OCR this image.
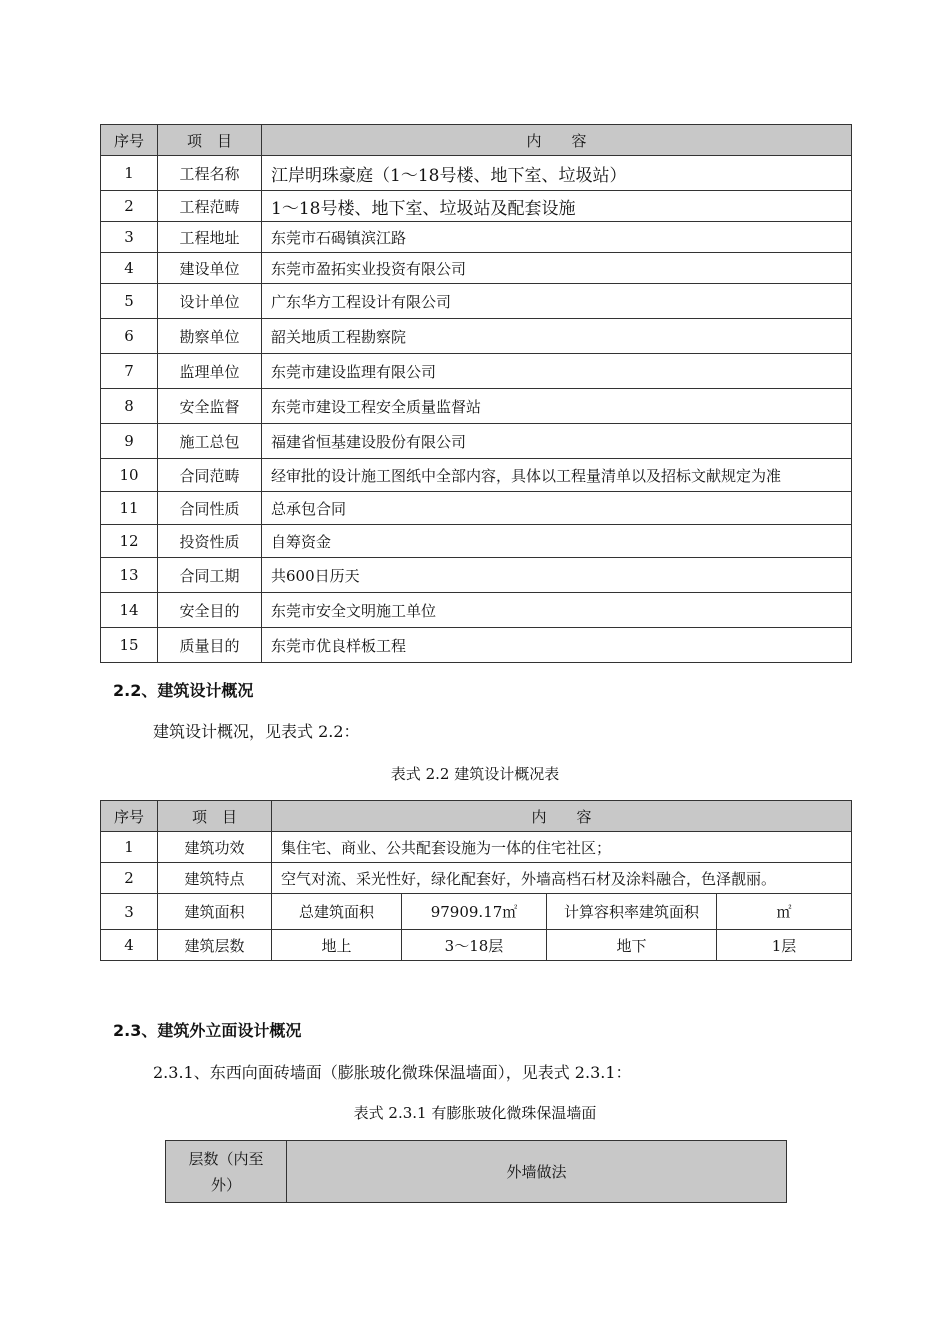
序号	项　目	内　　容
1	工程名称	江岸明珠豪庭（1～18号楼、地下室、垃圾站）
2	工程范畴	1～18号楼、地下室、垃圾站及配套设施
3	工程地址	东莞市石碣镇滨江路
4	建设单位	东莞市盈拓实业投资有限公司
5	设计单位	广东华方工程设计有限公司
6	勘察单位	韶关地质工程勘察院
7	监理单位	东莞市建设监理有限公司
8	安全监督	东莞市建设工程安全质量监督站
9	施工总包	福建省恒基建设股份有限公司
10	合同范畴	经审批的设计施工图纸中全部内容，具体以工程量清单以及招标文献规定为准
11	合同性质	总承包合同
12	投资性质	自筹资金
13	合同工期	共600日历天
14	安全目的	东莞市安全文明施工单位
15	质量目的	东莞市优良样板工程
2.2、建筑设计概况
建筑设计概况，见表式 2.2：
表式 2.2 建筑设计概况表
序号	项　目	内　　容			
1	建筑功效	集住宅、商业、公共配套设施为一体的住宅社区；			
2	建筑特点	空气对流、采光性好，绿化配套好，外墙高档石材及涂料融合，色泽靓丽。			
3	建筑面积	总建筑面积	97909.17㎡	计算容积率建筑面积	㎡
4	建筑层数	地上	3～18层	地下	1层
2.3、建筑外立面设计概况
2.3.1、东西向面砖墙面（膨胀玻化微珠保温墙面），见表式 2.3.1：
表式 2.3.1 有膨胀玻化微珠保温墙面
层数（内至外）	外墙做法
